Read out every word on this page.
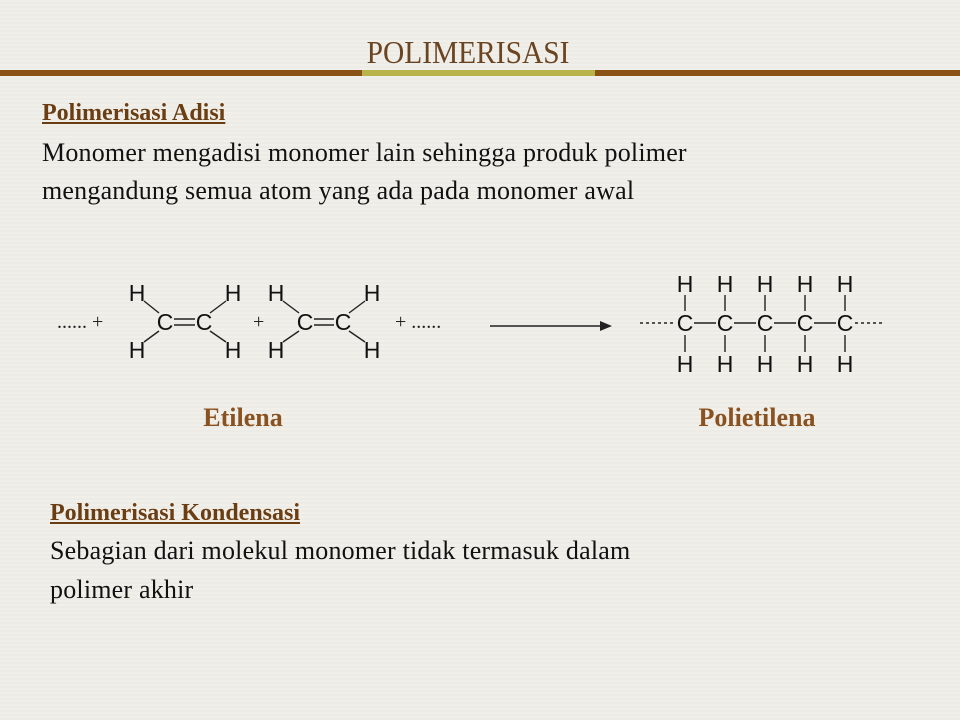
POLIMERISASI
Polimerisasi Adisi
Monomer mengadisi monomer lain sehingga produk polimer
mengandung semua atom yang ada pada monomer awal
H
H
C C
H
H
H
H
C C
H
H
...... +	+	+ ......
H
C
H
H
C
H
H
C
H
H
C
H
H
C
H
Etilena	Polietilena
Polimerisasi Kondensasi
Sebagian dari molekul monomer tidak termasuk dalam
polimer akhir
